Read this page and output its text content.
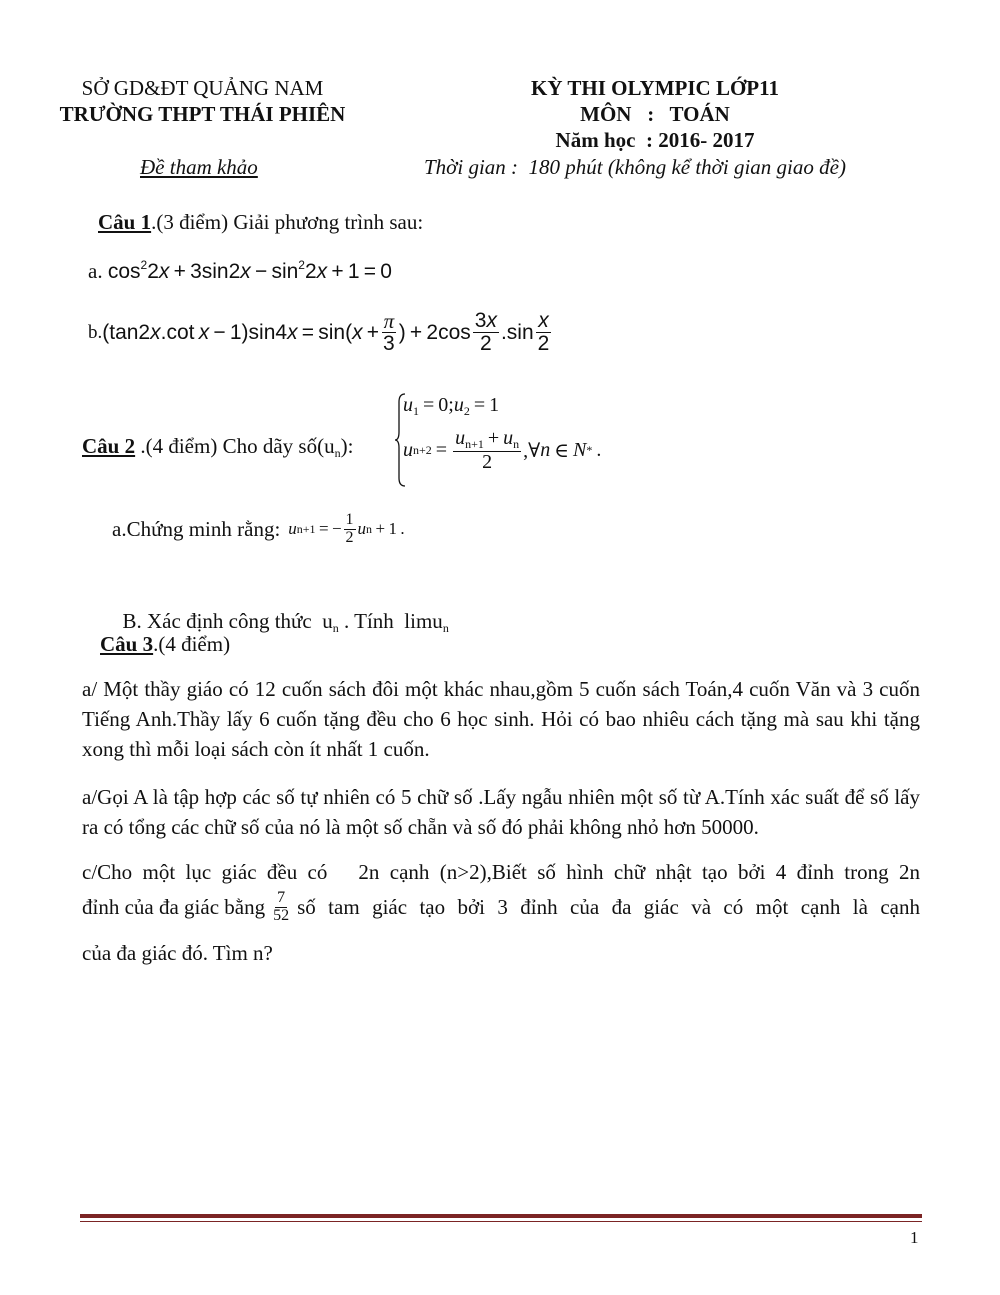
SỞ GD&ĐT QUẢNG NAM
TRƯỜNG THPT THÁI PHIÊN
KỲ THI OLYMPIC LỚP11
MÔN   :   TOÁN
Năm học  : 2016- 2017
Đề tham khảo	Thời gian :  180 phút (không kể thời gian giao đề)
Câu 1.(3 điểm) Giải phương trình sau:
a. $\cos^22x + 3\sin 2x - \sin^22x + 1 = 0$
b. (tan2 x .cot  x  − 1)sin4 x  = sin( $x + \frac{\pi}{3}$ ) + $2\cos \frac{3x}{2} .\sin \frac{x}{2}$
$u_1$ = $0;u_2 = 1$
u $n+2 = \frac{u_{n+1} + u_n}{2}$ ,∀ n  ∈  N *  .
Câu 2 .(4 điểm) Cho dãy $số(u_n)$:
a.Chứng minh rằng: u n+1  = − $\frac{1}{2}$ u n  + 1 .

B. Xác định công thức  $u_n$ . Tính  limu$_n$

Câu 3.(4 điểm)
a/ Một thầy giáo có 12 cuốn sách đôi một khác nhau,gồm 5 cuốn sách Toán,4 cuốn Văn và 3 cuốn Tiếng Anh.Thầy lấy 6 cuốn tặng đều cho 6 học sinh. Hỏi có bao nhiêu cách tặng mà sau khi tặng xong thì mỗi loại sách còn ít nhất 1 cuốn.
a/Gọi A là tập hợp các số tự nhiên có 5 chữ số .Lấy ngẫu nhiên một số từ A.Tính xác suất để số lấy ra có tổng các chữ số của nó là một số chẵn và số đó phải không nhỏ hơn 50000.
c/Cho một lục giác đều có   2n cạnh (n>2),Biết số hình chữ nhật tạo bởi 4 đỉnh trong 2n
đỉnh của đa giác bằng $\frac{7}{52}$ số tam giác tạo bởi 3 đỉnh của đa giác và có một cạnh là cạnh
của đa giác đó. Tìm n?
1
